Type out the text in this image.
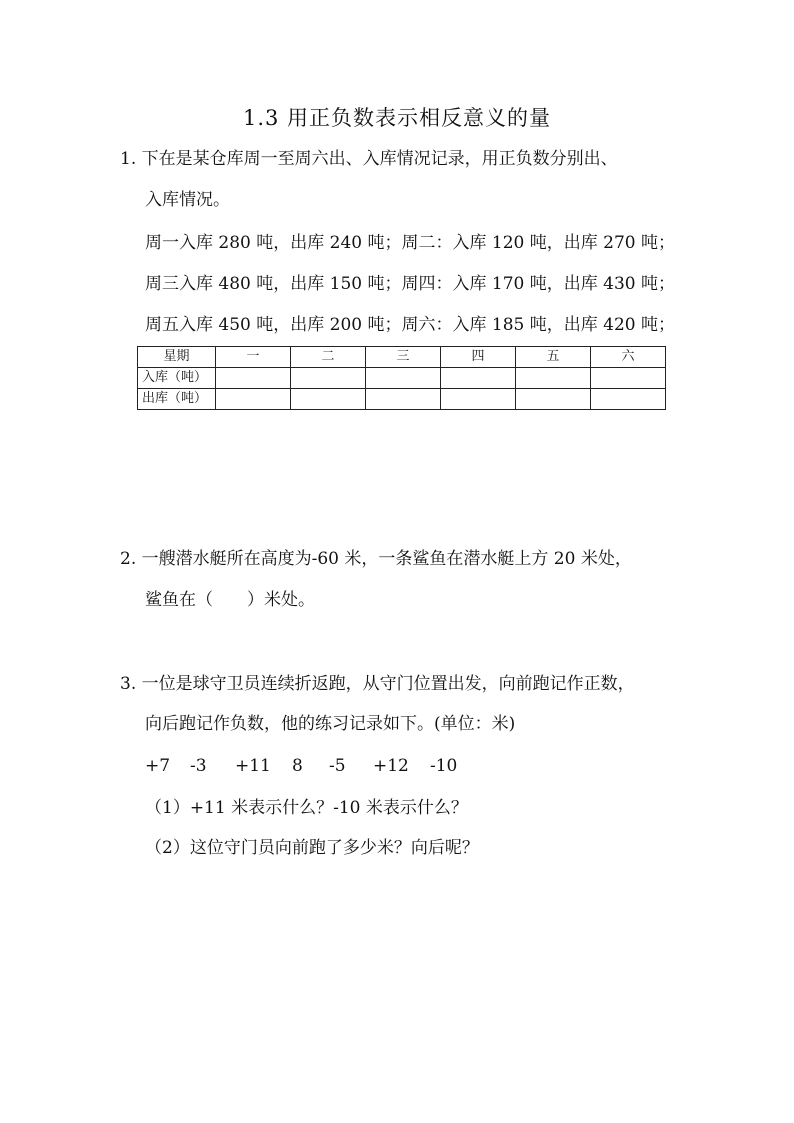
1.3 用正负数表示相反意义的量
1. 下在是某仓库周一至周六出、入库情况记录，用正负数分别出、
入库情况。
周一入库 280 吨，出库 240 吨；周二：入库 120 吨，出库 270 吨；
周三入库 480 吨，出库 150 吨；周四：入库 170 吨，出库 430 吨；
周五入库 450 吨，出库 200 吨；周六：入库 185 吨，出库 420 吨；
星期	一	二	三	四	五	六
入库（吨）						
出库（吨）						
2. 一艘潜水艇所在高度为-60 米，一条鲨鱼在潜水艇上方 20 米处，
鲨鱼在（　　）米处。
3. 一位是球守卫员连续折返跑，从守门位置出发，向前跑记作正数，
向后跑记作负数，他的练习记录如下。(单位：米)
+7 -3 +11 8 -5 +12 -10
（1）+11 米表示什么？-10 米表示什么？
（2）这位守门员向前跑了多少米？向后呢？
